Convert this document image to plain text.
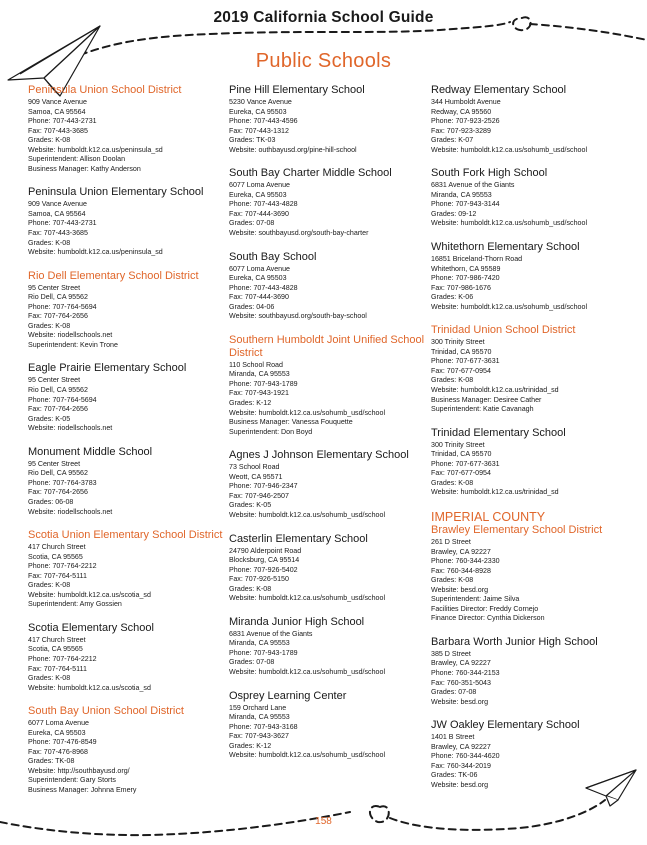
2019 California School Guide
Public Schools
Peninsula Union School District
909 Vance Avenue
Samoa, CA 95564
Phone: 707-443-2731
Fax: 707-443-3685
Grades: K-08
Website: humboldt.k12.ca.us/peninsula_sd
Superintendent: Allison Doolan
Business Manager: Kathy Anderson
Peninsula Union Elementary School
909 Vance Avenue
Samoa, CA 95564
Phone: 707-443-2731
Fax: 707-443-3685
Grades: K-08
Website: humboldt.k12.ca.us/peninsula_sd
Rio Dell Elementary School District
95 Center Street
Rio Dell, CA 95562
Phone: 707-764-5694
Fax: 707-764-2656
Grades: K-08
Website: riodellschools.net
Superintendent: Kevin Trone
Eagle Prairie Elementary School
95 Center Street
Rio Dell, CA 95562
Phone: 707-764-5694
Fax: 707-764-2656
Grades: K-05
Website: riodellschools.net
Monument Middle School
95 Center Street
Rio Dell, CA 95562
Phone: 707-764-3783
Fax: 707-764-2656
Grades: 06-08
Website: riodellschools.net
Scotia Union Elementary School District
417 Church Street
Scotia, CA 95565
Phone: 707-764-2212
Fax: 707-764-5111
Grades: K-08
Website: humboldt.k12.ca.us/scotia_sd
Superintendent: Amy Gossien
Scotia Elementary School
417 Church Street
Scotia, CA 95565
Phone: 707-764-2212
Fax: 707-764-5111
Grades: K-08
Website: humboldt.k12.ca.us/scotia_sd
South Bay Union School District
6077 Loma Avenue
Eureka, CA 95503
Phone: 707-476-8549
Fax: 707-476-8968
Grades: TK-08
Website: http://southbayusd.org/
Superintendent: Gary Storts
Business Manager: Johnna Emery
Pine Hill Elementary School
5230 Vance Avenue
Eureka, CA 95503
Phone: 707-443-4596
Fax: 707-443-1312
Grades: TK-03
Website: outhbayusd.org/pine-hill-school
South Bay Charter Middle School
6077 Loma Avenue
Eureka, CA 95503
Phone: 707-443-4828
Fax: 707-444-3690
Grades: 07-08
Website: southbayusd.org/south-bay-charter
South Bay School
6077 Loma Avenue
Eureka, CA 95503
Phone: 707-443-4828
Fax: 707-444-3690
Grades: 04-06
Website: southbayusd.org/south-bay-school
Southern Humboldt Joint Unified School District
110 School Road
Miranda, CA 95553
Phone: 707-943-1789
Fax: 707-943-1921
Grades: K-12
Website: humboldt.k12.ca.us/sohumb_usd/school
Business Manager: Vanessa Fouquette
Superintendent: Don Boyd
Agnes J Johnson Elementary School
73 School Road
Weott, CA 95571
Phone: 707-946-2347
Fax: 707-946-2507
Grades: K-05
Website: humboldt.k12.ca.us/sohumb_usd/school
Casterlin Elementary School
24790 Alderpoint Road
Blocksburg, CA 95514
Phone: 707-926-5402
Fax: 707-926-5150
Grades: K-08
Website: humboldt.k12.ca.us/sohumb_usd/school
Miranda Junior High School
6831 Avenue of the Giants
Miranda, CA 95553
Phone: 707-943-1789
Grades: 07-08
Website: humboldt.k12.ca.us/sohumb_usd/school
Osprey Learning Center
159 Orchard Lane
Miranda, CA 95553
Phone: 707-943-3168
Fax: 707-943-3627
Grades: K-12
Website: humboldt.k12.ca.us/sohumb_usd/school
Redway Elementary School
344 Humboldt Avenue
Redway, CA 95560
Phone: 707-923-2526
Fax: 707-923-3289
Grades: K-07
Website: humboldt.k12.ca.us/sohumb_usd/school
South Fork High School
6831 Avenue of the Giants
Miranda, CA 95553
Phone: 707-943-3144
Grades: 09-12
Website: humboldt.k12.ca.us/sohumb_usd/school
Whitethorn Elementary School
16851 Briceland-Thorn Road
Whitethorn, CA 95589
Phone: 707-986-7420
Fax: 707-986-1676
Grades: K-06
Website: humboldt.k12.ca.us/sohumb_usd/school
Trinidad Union School District
300 Trinity Street
Trinidad, CA 95570
Phone: 707-677-3631
Fax: 707-677-0954
Grades: K-08
Website: humboldt.k12.ca.us/trinidad_sd
Business Manager: Desiree Cather
Superintendent: Katie Cavanagh
Trinidad Elementary School
300 Trinity Street
Trinidad, CA 95570
Phone: 707-677-3631
Fax: 707-677-0954
Grades: K-08
Website: humboldt.k12.ca.us/trinidad_sd
IMPERIAL COUNTY
Brawley Elementary School District
261 D Street
Brawley, CA 92227
Phone: 760-344-2330
Fax: 760-344-8928
Grades: K-08
Website: besd.org
Superintendent: Jaime Silva
Facilities Director: Freddy Cornejo
Finance Director: Cynthia Dickerson
Barbara Worth Junior High School
385 D Street
Brawley, CA 92227
Phone: 760-344-2153
Fax: 760-351-5043
Grades: 07-08
Website: besd.org
JW Oakley Elementary School
1401 B Street
Brawley, CA 92227
Phone: 760-344-4620
Fax: 760-344-2019
Grades: TK-06
Website: besd.org
158
